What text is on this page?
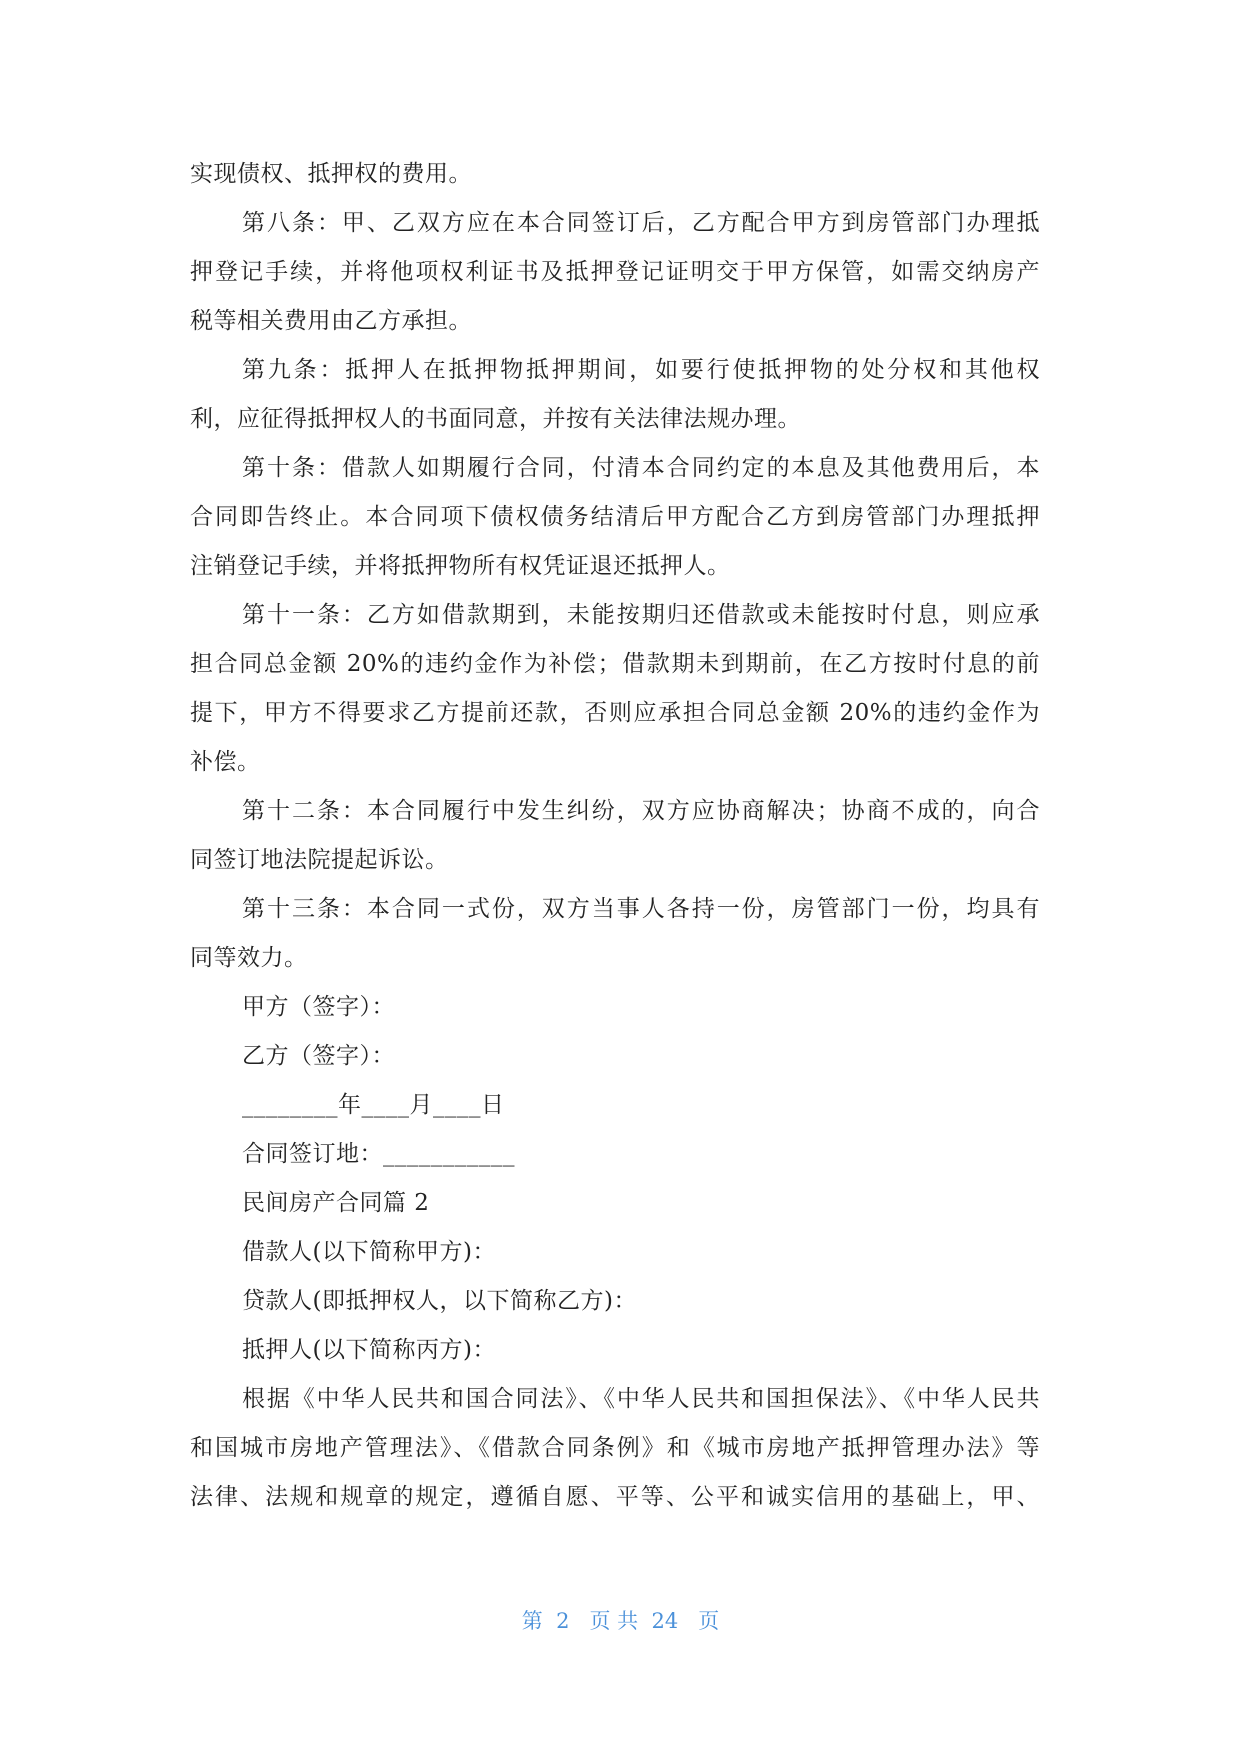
实现债权、抵押权的费用。
第八条：甲、乙双方应在本合同签订后，乙方配合甲方到房管部门办理抵
押登记手续，并将他项权利证书及抵押登记证明交于甲方保管，如需交纳房产
税等相关费用由乙方承担。
第九条：抵押人在抵押物抵押期间，如要行使抵押物的处分权和其他权
利，应征得抵押权人的书面同意，并按有关法律法规办理。
第十条：借款人如期履行合同，付清本合同约定的本息及其他费用后，本
合同即告终止。本合同项下债权债务结清后甲方配合乙方到房管部门办理抵押
注销登记手续，并将抵押物所有权凭证退还抵押人。
第十一条：乙方如借款期到，未能按期归还借款或未能按时付息，则应承
担合同总金额 20%的违约金作为补偿；借款期未到期前，在乙方按时付息的前
提下，甲方不得要求乙方提前还款，否则应承担合同总金额 20%的违约金作为
补偿。
第十二条：本合同履行中发生纠纷，双方应协商解决；协商不成的，向合
同签订地法院提起诉讼。
第十三条：本合同一式份，双方当事人各持一份，房管部门一份，均具有
同等效力。
甲方（签字）：
乙方（签字）：
________年____月____日
合同签订地：___________
民间房产合同篇 2
借款人(以下简称甲方)：
贷款人(即抵押权人，以下简称乙方)：
抵押人(以下简称丙方)：
根据《中华人民共和国合同法》、《中华人民共和国担保法》、《中华人民共
和国城市房地产管理法》、《借款合同条例》和《城市房地产抵押管理办法》等
法律、法规和规章的规定，遵循自愿、平等、公平和诚实信用的基础上，甲、
第  2   页 共  24   页
